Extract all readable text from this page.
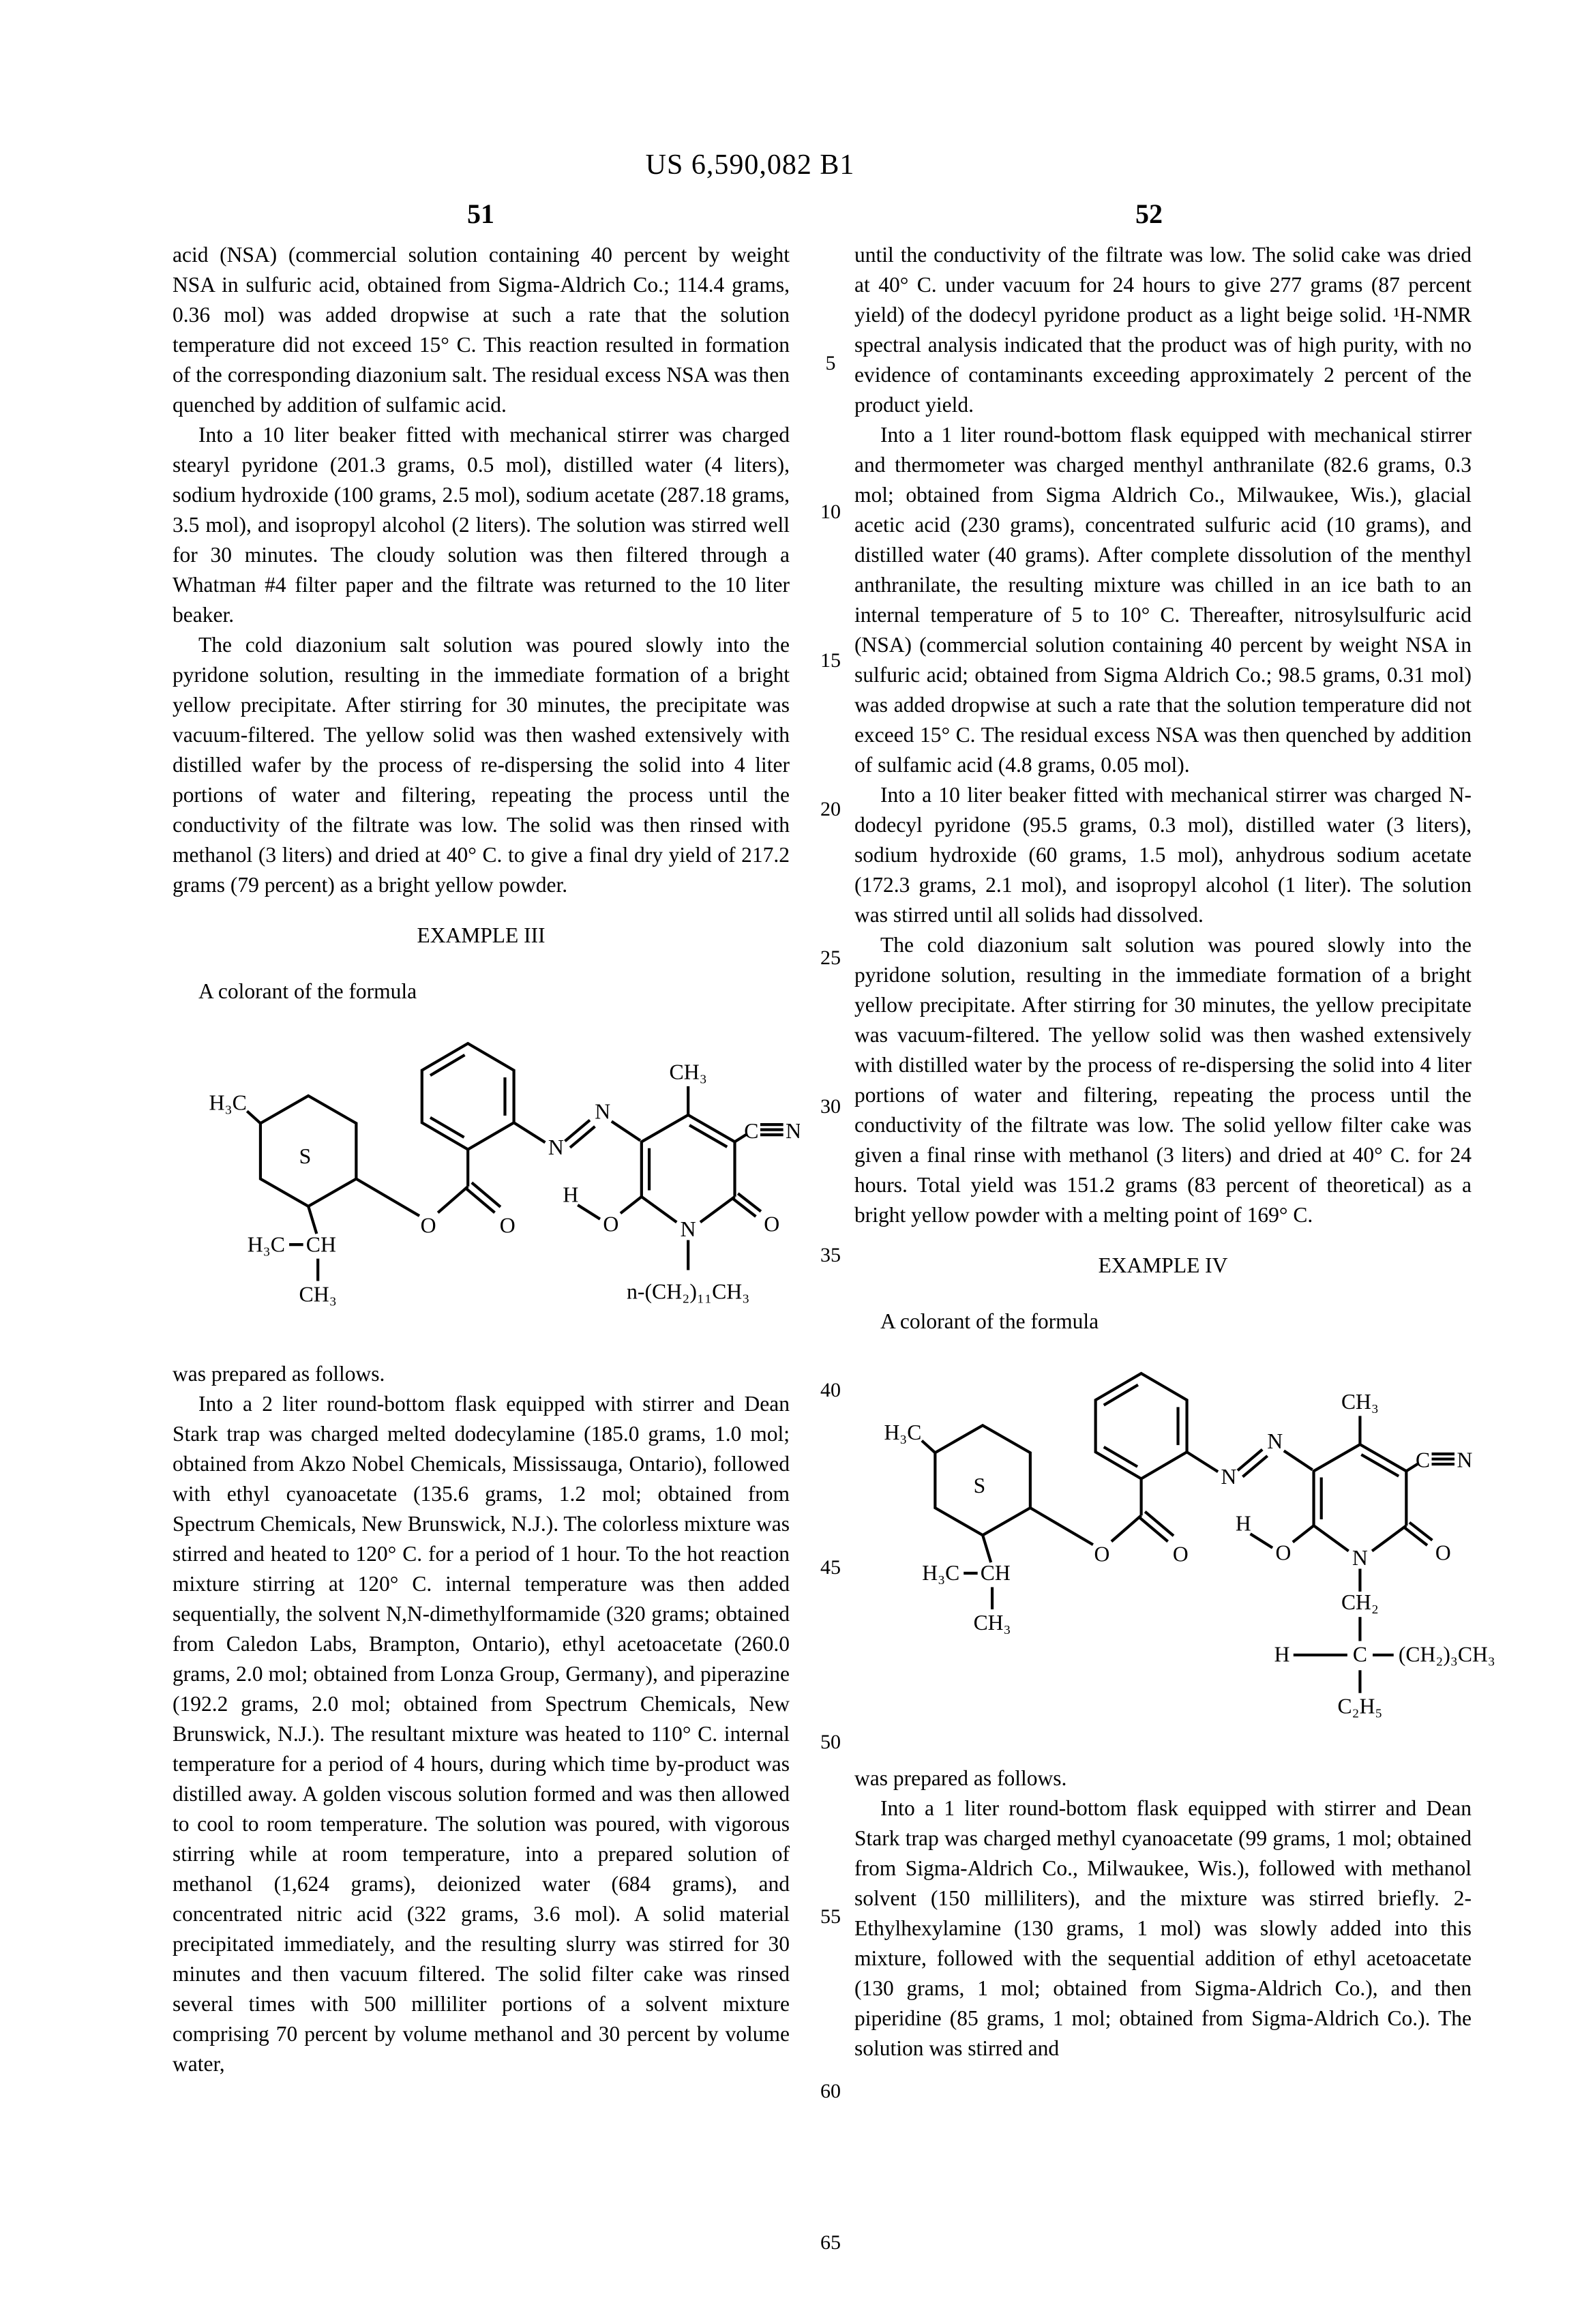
US 6,590,082 B1
51	52
5
10
15
20
25
30
35
40
45
50
55
60
65

acid (NSA) (commercial solution containing 40 percent by weight NSA in sulfuric acid, obtained from Sigma-Aldrich Co.; 114.4 grams, 0.36 mol) was added dropwise at such a rate that the solution temperature did not exceed 15° C. This reaction resulted in formation of the corresponding diazonium salt. The residual excess NSA was then quenched by addition of sulfamic acid.

Into a 10 liter beaker fitted with mechanical stirrer was charged stearyl pyridone (201.3 grams, 0.5 mol), distilled water (4 liters), sodium hydroxide (100 grams, 2.5 mol), sodium acetate (287.18 grams, 3.5 mol), and isopropyl alcohol (2 liters). The solution was stirred well for 30 minutes. The cloudy solution was then filtered through a Whatman #4 filter paper and the filtrate was returned to the 10 liter beaker.

The cold diazonium salt solution was poured slowly into the pyridone solution, resulting in the immediate formation of a bright yellow precipitate. After stirring for 30 minutes, the precipitate was vacuum-filtered. The yellow solid was then washed extensively with distilled wafer by the process of re-dispersing the solid into 4 liter portions of water and filtering, repeating the process until the conductivity of the filtrate was low. The solid was then rinsed with methanol (3 liters) and dried at 40° C. to give a final dry yield of 217.2 grams (79 percent) as a bright yellow powder.

EXAMPLE III

A colorant of the formula

H₃C
S
H₃C CH
CH₃
O	O
N
N
CH₃
C N
H
O	N	O
n-(CH₂)₁₁CH₃

was prepared as follows.

Into a 2 liter round-bottom flask equipped with stirrer and Dean Stark trap was charged melted dodecylamine (185.0 grams, 1.0 mol; obtained from Akzo Nobel Chemicals, Mississauga, Ontario), followed with ethyl cyanoacetate (135.6 grams, 1.2 mol; obtained from Spectrum Chemicals, New Brunswick, N.J.). The colorless mixture was stirred and heated to 120° C. for a period of 1 hour. To the hot reaction mixture stirring at 120° C. internal temperature was then added sequentially, the solvent N,N-dimethylformamide (320 grams; obtained from Caledon Labs, Brampton, Ontario), ethyl acetoacetate (260.0 grams, 2.0 mol; obtained from Lonza Group, Germany), and piperazine (192.2 grams, 2.0 mol; obtained from Spectrum Chemicals, New Brunswick, N.J.). The resultant mixture was heated to 110° C. internal temperature for a period of 4 hours, during which time by-product was distilled away. A golden viscous solution formed and was then allowed to cool to room temperature. The solution was poured, with vigorous stirring while at room temperature, into a prepared solution of methanol (1,624 grams), deionized water (684 grams), and concentrated nitric acid (322 grams, 3.6 mol). A solid material precipitated immediately, and the resulting slurry was stirred for 30 minutes and then vacuum filtered. The solid filter cake was rinsed several times with 500 milliliter portions of a solvent mixture comprising 70 percent by volume methanol and 30 percent by volume water,

until the conductivity of the filtrate was low. The solid cake was dried at 40° C. under vacuum for 24 hours to give 277 grams (87 percent yield) of the dodecyl pyridone product as a light beige solid. ¹H-NMR spectral analysis indicated that the product was of high purity, with no evidence of contaminants exceeding approximately 2 percent of the product yield.

Into a 1 liter round-bottom flask equipped with mechanical stirrer and thermometer was charged menthyl anthranilate (82.6 grams, 0.3 mol; obtained from Sigma Aldrich Co., Milwaukee, Wis.), glacial acetic acid (230 grams), concentrated sulfuric acid (10 grams), and distilled water (40 grams). After complete dissolution of the menthyl anthranilate, the resulting mixture was chilled in an ice bath to an internal temperature of 5 to 10° C. Thereafter, nitrosylsulfuric acid (NSA) (commercial solution containing 40 percent by weight NSA in sulfuric acid; obtained from Sigma Aldrich Co.; 98.5 grams, 0.31 mol) was added dropwise at such a rate that the solution temperature did not exceed 15° C. The residual excess NSA was then quenched by addition of sulfamic acid (4.8 grams, 0.05 mol).

Into a 10 liter beaker fitted with mechanical stirrer was charged N-dodecyl pyridone (95.5 grams, 0.3 mol), distilled water (3 liters), sodium hydroxide (60 grams, 1.5 mol), anhydrous sodium acetate (172.3 grams, 2.1 mol), and isopropyl alcohol (1 liter). The solution was stirred until all solids had dissolved.

The cold diazonium salt solution was poured slowly into the pyridone solution, resulting in the immediate formation of a bright yellow precipitate. After stirring for 30 minutes, the yellow precipitate was vacuum-filtered. The yellow solid was then washed extensively with distilled water by the process of re-dispersing the solid into 4 liter portions of water and filtering, repeating the process until the conductivity of the filtrate was low. The solid yellow filter cake was given a final rinse with methanol (3 liters) and dried at 40° C. for 24 hours. Total yield was 151.2 grams (83 percent of theoretical) as a bright yellow powder with a melting point of 169° C.

EXAMPLE IV

A colorant of the formula

H₃C
S
H₃C CH
CH₃
O	O
N
N
CH₃
C N
H
O	N	O
CH₂
H	C (CH₂)₃CH₃
C₂H₅

was prepared as follows.

Into a 1 liter round-bottom flask equipped with stirrer and Dean Stark trap was charged methyl cyanoacetate (99 grams, 1 mol; obtained from Sigma-Aldrich Co., Milwaukee, Wis.), followed with methanol solvent (150 milliliters), and the mixture was stirred briefly. 2-Ethylhexylamine (130 grams, 1 mol) was slowly added into this mixture, followed with the sequential addition of ethyl acetoacetate (130 grams, 1 mol; obtained from Sigma-Aldrich Co.), and then piperidine (85 grams, 1 mol; obtained from Sigma-Aldrich Co.). The solution was stirred and
